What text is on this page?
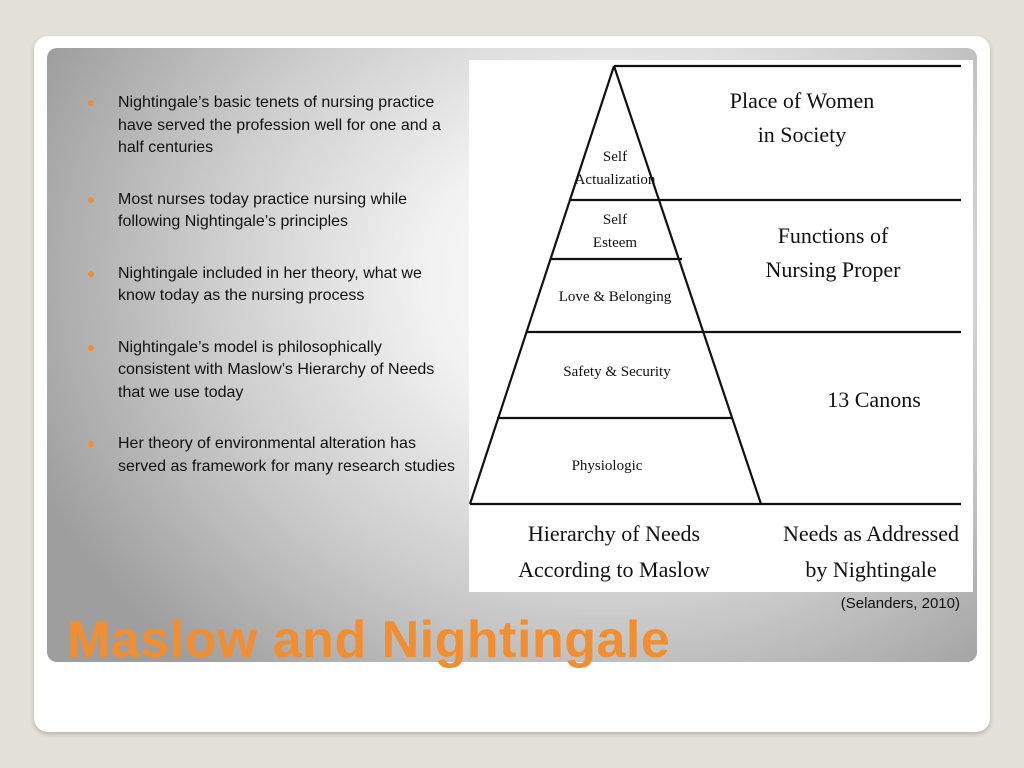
Nightingale’s basic tenets of nursing practice have served the profession well for one and a half centuries
Most nurses today practice nursing while following Nightingale’s principles
Nightingale included in her theory, what we know today as the nursing process
Nightingale’s model is philosophically consistent with Maslow’s Hierarchy of Needs that we use today
Her theory of environmental alteration has served as framework for many research studies
Self
Actualization
Self
Esteem
Love & Belonging
Safety & Security
Physiologic
Place of Women
in Society
Functions of
Nursing Proper
13 Canons
Hierarchy of Needs
According to Maslow
Needs as Addressed
by Nightingale
(Selanders, 2010)
Maslow and Nightingale
